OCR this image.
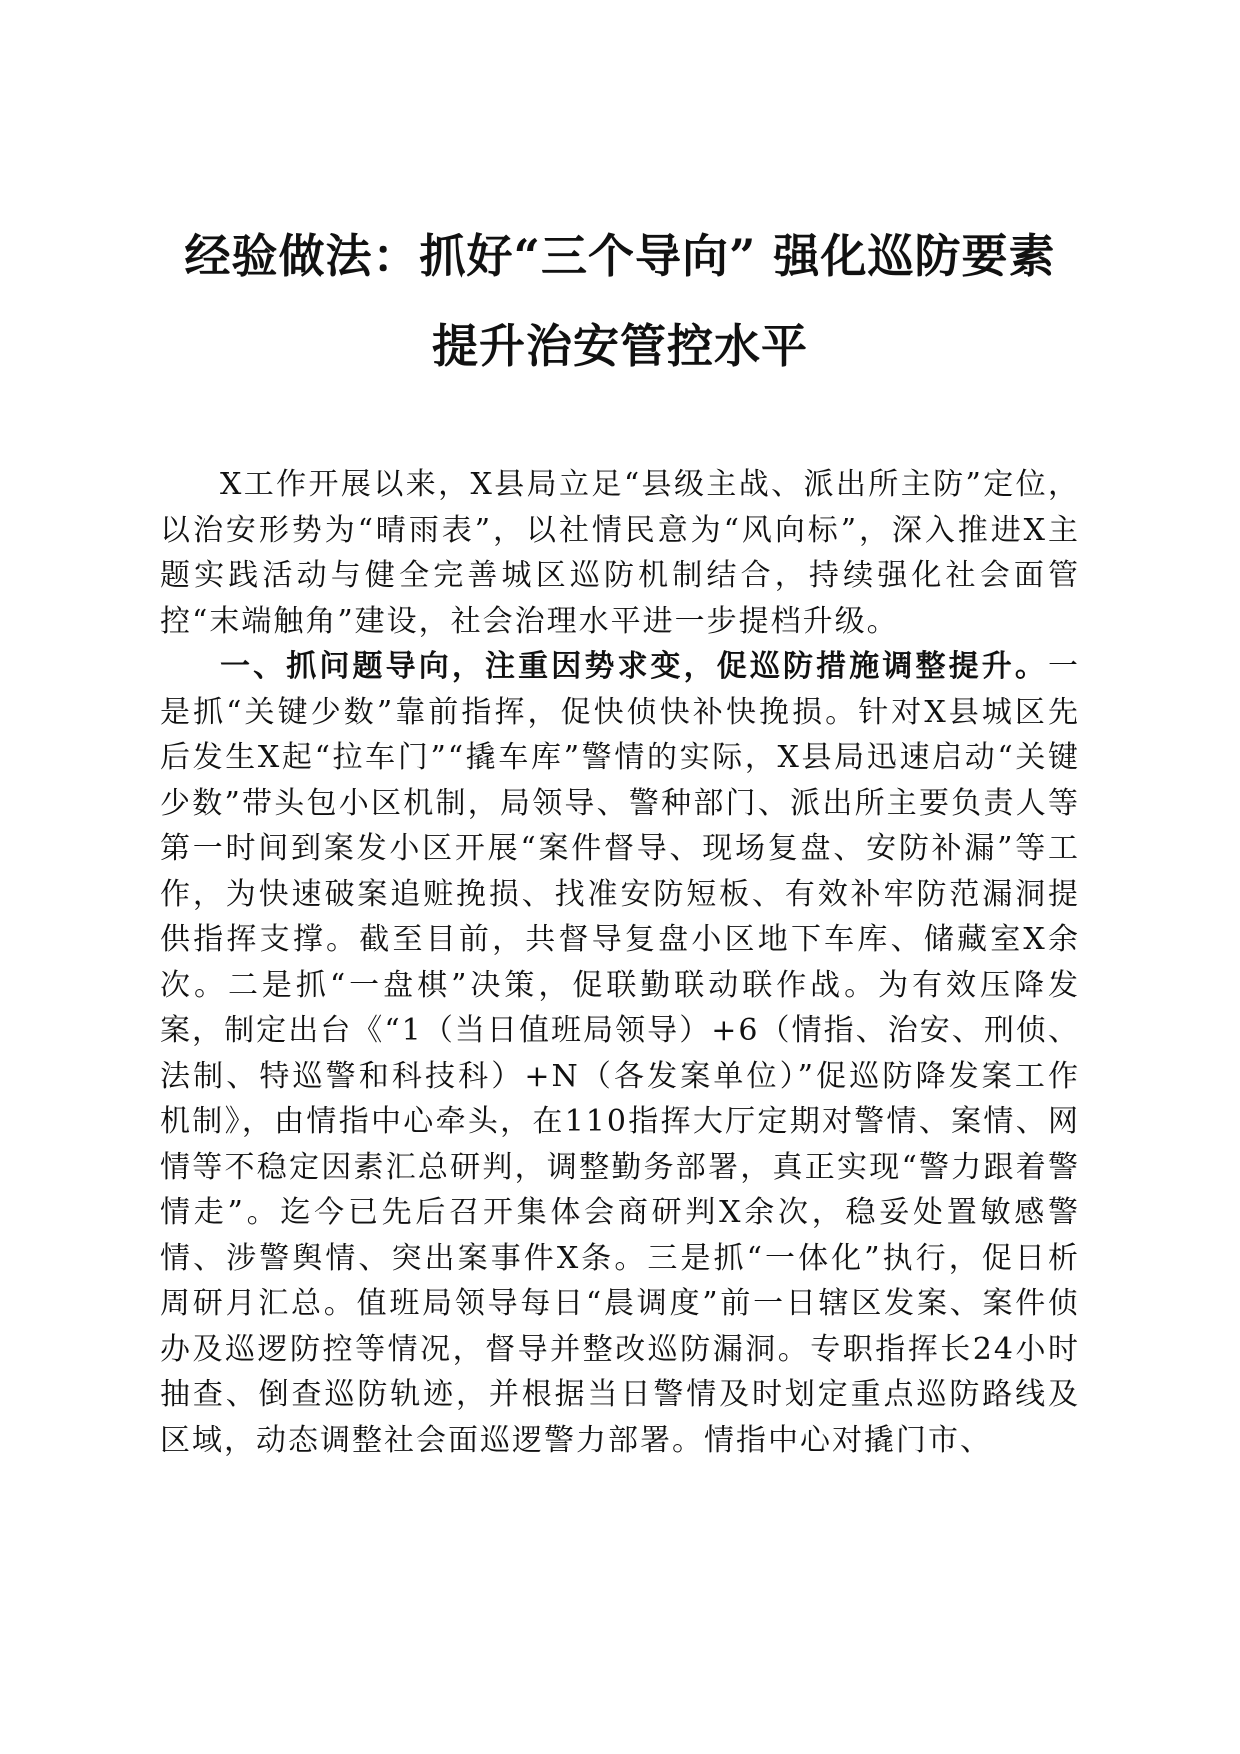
经验做法：抓好“三个导向” 强化巡防要素
提升治安管控水平

X工作开展以来，X县局立足“县级主战、派出所主防”定位，以治安形势为“晴雨表”，以社情民意为“风向标”，深入推进X主题实践活动与健全完善城区巡防机制结合，持续强化社会面管控“末端触角”建设，社会治理水平进一步提档升级。

一、抓问题导向，注重因势求变，促巡防措施调整提升。一是抓“关键少数”靠前指挥，促快侦快补快挽损。针对X县城区先后发生X起“拉车门”“撬车库”警情的实际，X县局迅速启动“关键少数”带头包小区机制，局领导、警种部门、派出所主要负责人等第一时间到案发小区开展“案件督导、现场复盘、安防补漏”等工作，为快速破案追赃挽损、找准安防短板、有效补牢防范漏洞提供指挥支撑。截至目前，共督导复盘小区地下车库、储藏室X余次。二是抓“一盘棋”决策，促联勤联动联作战。为有效压降发案，制定出台《“1（当日值班局领导）+6（情指、治安、刑侦、法制、特巡警和科技科）+N（各发案单位）”促巡防降发案工作机制》，由情指中心牵头，在110指挥大厅定期对警情、案情、网情等不稳定因素汇总研判，调整勤务部署，真正实现“警力跟着警情走”。迄今已先后召开集体会商研判X余次，稳妥处置敏感警情、涉警舆情、突出案事件X条。三是抓“一体化”执行，促日析周研月汇总。值班局领导每日“晨调度”前一日辖区发案、案件侦办及巡逻防控等情况，督导并整改巡防漏洞。专职指挥长24小时抽查、倒查巡防轨迹，并根据当日警情及时划定重点巡防路线及区域，动态调整社会面巡逻警力部署。情指中心对撬门市、
